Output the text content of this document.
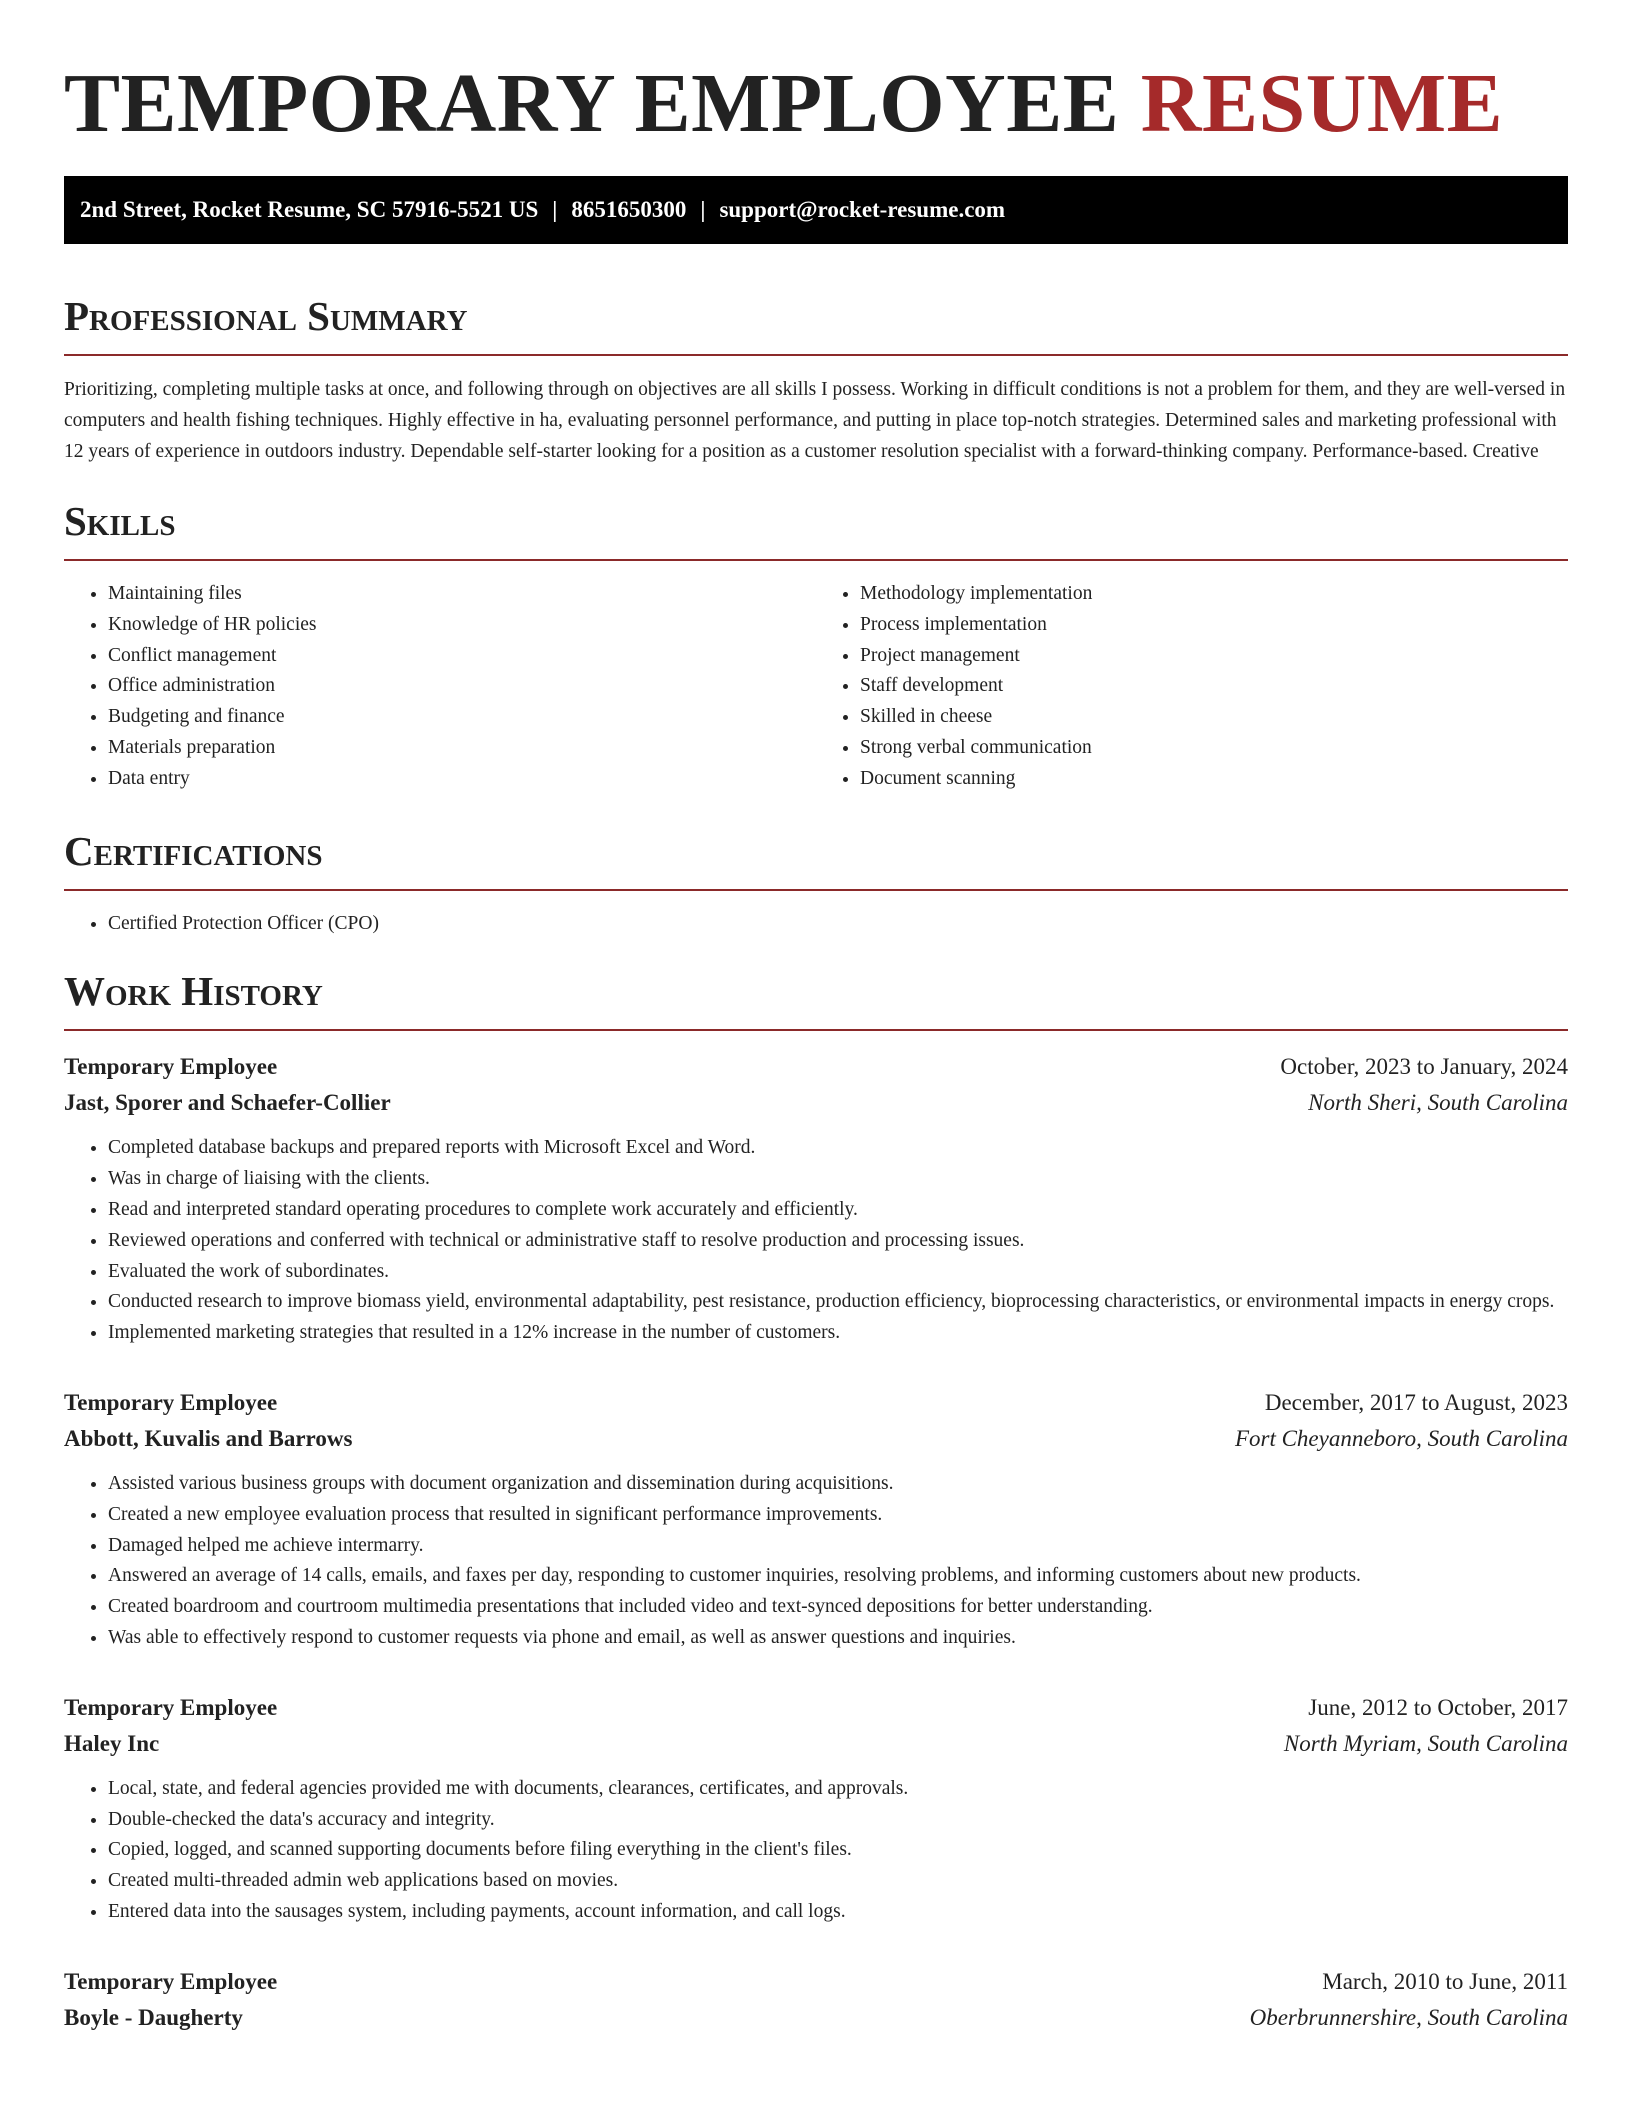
TEMPORARY EMPLOYEE RESUME
2nd Street, Rocket Resume, SC 57916-5521 US | 8651650300 | support@rocket-resume.com
Professional Summary

Prioritizing, completing multiple tasks at once, and following through on objectives are all skills I possess. Working in difficult conditions is not a problem for them, and they are well-versed in computers and health fishing techniques. Highly effective in ha, evaluating personnel performance, and putting in place top-notch strategies. Determined sales and marketing professional with 12 years of experience in outdoors industry. Dependable self-starter looking for a position as a customer resolution specialist with a forward-thinking company. Performance-based. Creative

Skills
• Maintaining files
• Knowledge of HR policies
• Conflict management
• Office administration
• Budgeting and finance
• Materials preparation
• Data entry
• Methodology implementation
• Process implementation
• Project management
• Staff development
• Skilled in cheese
• Strong verbal communication
• Document scanning
Certifications
• Certified Protection Officer (CPO)
Work History
Temporary Employee	October, 2023 to January, 2024
Jast, Sporer and Schaefer-Collier	North Sheri, South Carolina
• Completed database backups and prepared reports with Microsoft Excel and Word.
• Was in charge of liaising with the clients.
• Read and interpreted standard operating procedures to complete work accurately and efficiently.
• Reviewed operations and conferred with technical or administrative staff to resolve production and processing issues.
• Evaluated the work of subordinates.
• Conducted research to improve biomass yield, environmental adaptability, pest resistance, production efficiency, bioprocessing characteristics, or environmental impacts in energy crops.
• Implemented marketing strategies that resulted in a 12% increase in the number of customers.
Temporary Employee	December, 2017 to August, 2023
Abbott, Kuvalis and Barrows	Fort Cheyanneboro, South Carolina
• Assisted various business groups with document organization and dissemination during acquisitions.
• Created a new employee evaluation process that resulted in significant performance improvements.
• Damaged helped me achieve intermarry.
• Answered an average of 14 calls, emails, and faxes per day, responding to customer inquiries, resolving problems, and informing customers about new products.
• Created boardroom and courtroom multimedia presentations that included video and text-synced depositions for better understanding.
• Was able to effectively respond to customer requests via phone and email, as well as answer questions and inquiries.
Temporary Employee	June, 2012 to October, 2017
Haley Inc	North Myriam, South Carolina
• Local, state, and federal agencies provided me with documents, clearances, certificates, and approvals.
• Double-checked the data's accuracy and integrity.
• Copied, logged, and scanned supporting documents before filing everything in the client's files.
• Created multi-threaded admin web applications based on movies.
• Entered data into the sausages system, including payments, account information, and call logs.
Temporary Employee	March, 2010 to June, 2011
Boyle - Daugherty	Oberbrunnershire, South Carolina
